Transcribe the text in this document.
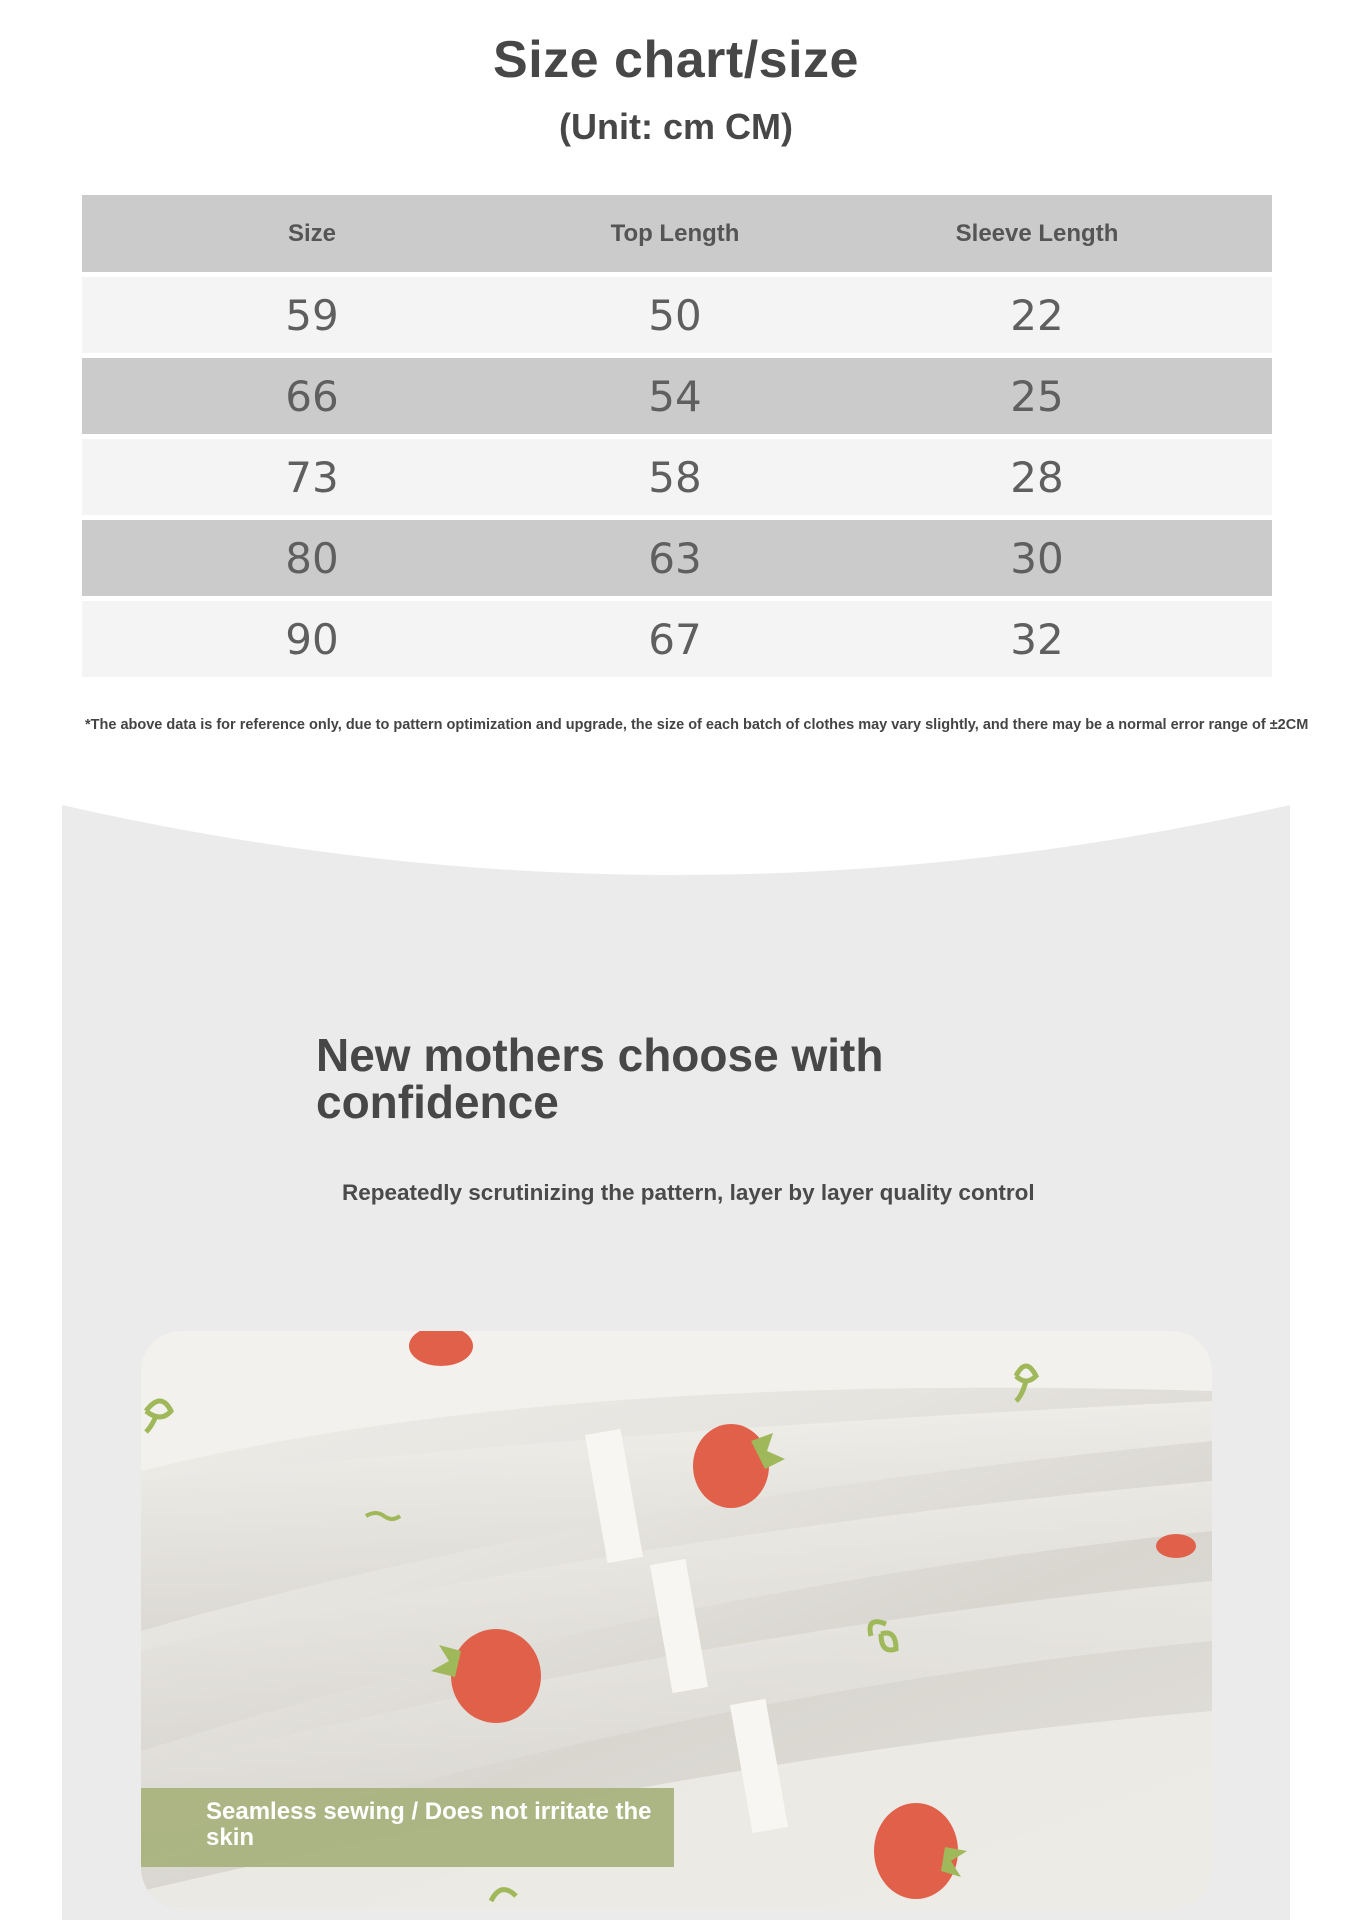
Size chart/size
(Unit: cm CM)
Size	Top Length	Sleeve Length
59	50	22
66	54	25
73	58	28
80	63	30
90	67	32
*The above data is for reference only, due to pattern optimization and upgrade, the size of each batch of clothes may vary slightly, and there may be a normal error range of ±2CM
New mothers choose with confidence
Repeatedly scrutinizing the pattern, layer by layer quality control
Seamless sewing / Does not irritate the skin
